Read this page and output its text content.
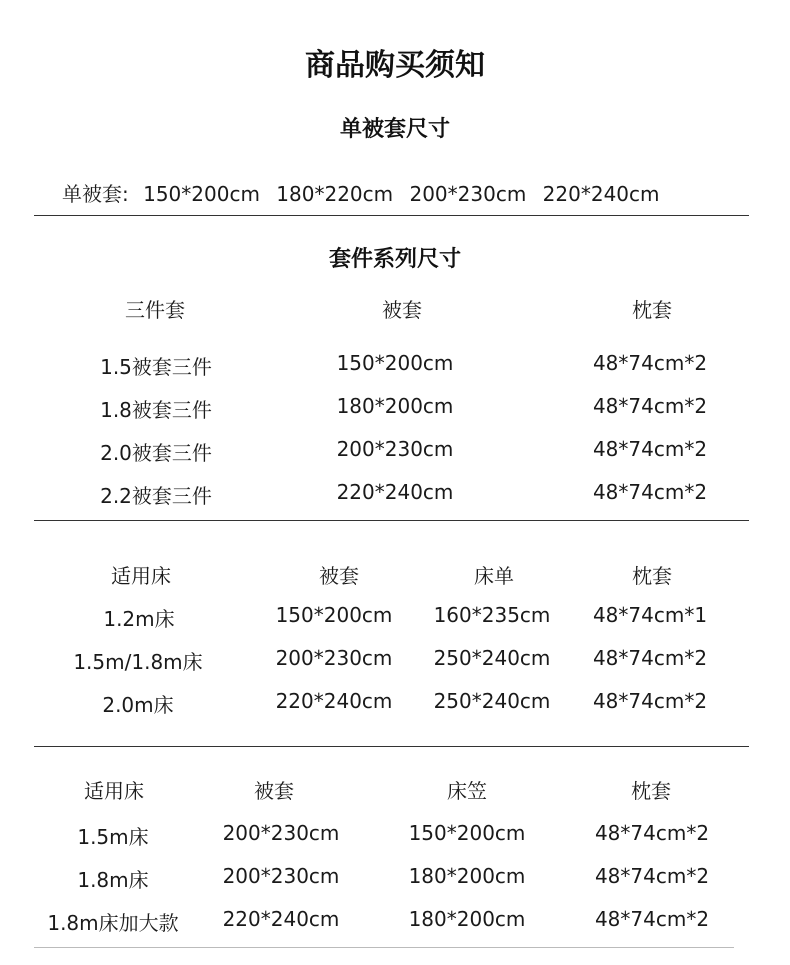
商品购买须知
单被套尺寸
单被套: 150*200cm 180*220cm 200*230cm 220*240cm
套件系列尺寸
三件套	被套	枕套
1.5被套三件	150*200cm	48*74cm*2
1.8被套三件	180*200cm	48*74cm*2
2.0被套三件	200*230cm	48*74cm*2
2.2被套三件	220*240cm	48*74cm*2
适用床	被套	床单	枕套
1.2m床	150*200cm 160*235cm 48*74cm*1
1.5m/1.8m床	200*230cm 250*240cm 48*74cm*2
2.0m床	220*240cm 250*240cm 48*74cm*2
适用床	被套	床笠	枕套
1.5m床	200*230cm	150*200cm	48*74cm*2
1.8m床	200*230cm	180*200cm	48*74cm*2
1.8m床加大款 220*240cm	180*200cm	48*74cm*2
